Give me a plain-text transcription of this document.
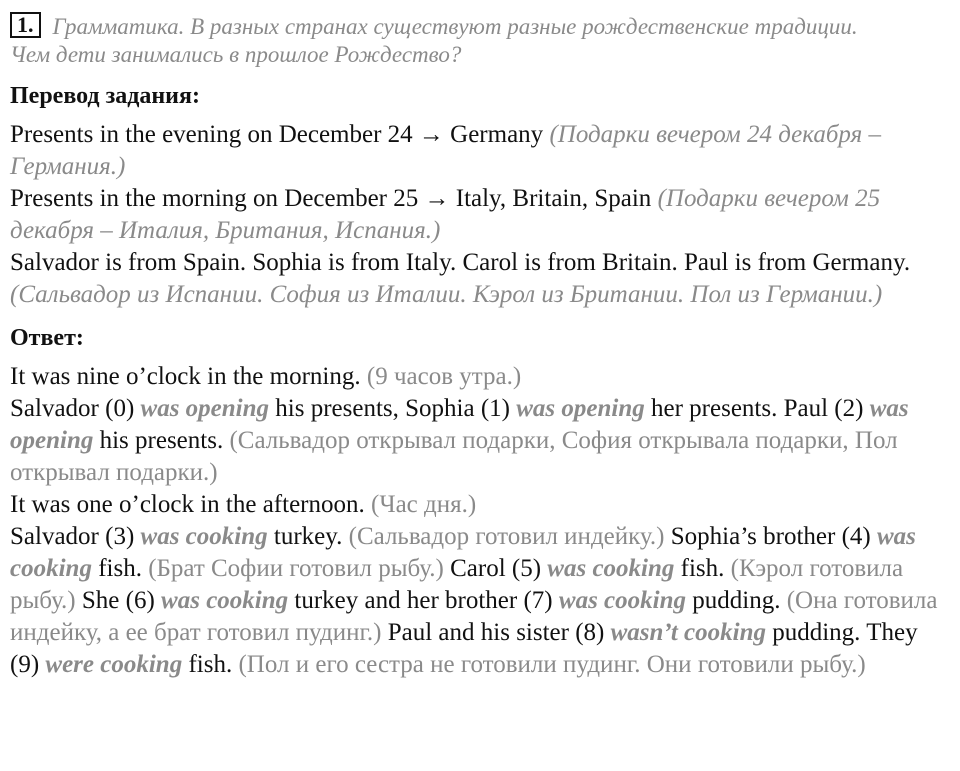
1. Грамматика. В разных странах существуют разные рождественские традиции.
Чем дети занимались в прошлое Рождество?

Перевод задания:

Presents in the evening on December 24 → Germany (Подарки вечером 24 декабря – Германия.)

Presents in the morning on December 25 → Italy, Britain, Spain (Подарки вечером 25 декабря – Италия, Британия, Испания.)

Salvador is from Spain. Sophia is from Italy. Carol is from Britain. Paul is from Germany. (Сальвадор из Испании. София из Италии. Кэрол из Британии. Пол из Германии.)

Ответ:

It was nine o’clock in the morning. (9 часов утра.)

Salvador (0) was opening his presents, Sophia (1) was opening her presents. Paul (2) was opening his presents. (Сальвадор открывал подарки, София открывала подарки, Пол открывал подарки.)

It was one o’clock in the afternoon. (Час дня.)

Salvador (3) was cooking turkey. (Сальвадор готовил индейку.) Sophia’s brother (4) was cooking fish. (Брат Софии готовил рыбу.) Carol (5) was cooking fish. (Кэрол готовила рыбу.) She (6) was cooking turkey and her brother (7) was cooking pudding. (Она готовила индейку, а ее брат готовил пудинг.) Paul and his sister (8) wasn’t cooking pudding. They (9) were cooking fish. (Пол и его сестра не готовили пудинг. Они готовили рыбу.)
